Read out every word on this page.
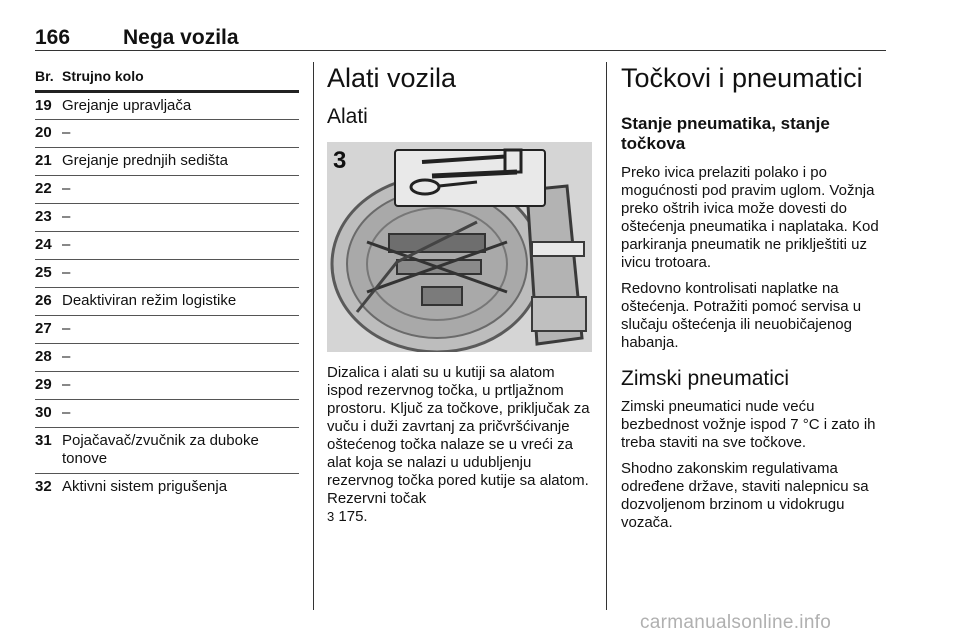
166	Nega vozila
Br. Strujno kolo
19 Grejanje upravljača
20 –
21 Grejanje prednjih sedišta
22 –
23 –
24 –
25 –
26 Deaktiviran režim logistike
27 –
28 –
29 –
30 –
31 Pojačavač/zvučnik za duboke tonove
32 Aktivni sistem prigušenja
Alati vozila
Alati
3

Dizalica i alati su u kutiji sa alatom ispod rezervnog točka, u prtljažnom prostoru. Ključ za točkove, priključak za vuču i duži zavrtanj za pričvršćivanje oštećenog točka nalaze se u vreći za alat koja se nalazi u udubljenju rezervnog točka pored kutije sa alatom. Rezervni točak
3 175.

Točkovi i pneumatici
Stanje pneumatika, stanje točkova

Preko ivica prelaziti polako i po mogućnosti pod pravim uglom. Vožnja preko oštrih ivica može dovesti do oštećenja pneumatika i naplataka. Kod parkiranja pneumatik ne priklještiti uz ivicu trotoara.

Redovno kontrolisati naplatke na oštećenja. Potražiti pomoć servisa u slučaju oštećenja ili neuobičajenog habanja.

Zimski pneumatici

Zimski pneumatici nude veću bezbednost vožnje ispod 7 °C i zato ih treba staviti na sve točkove.

Shodno zakonskim regulativama određene države, staviti nalepnicu sa dozvoljenom brzinom u vidokrugu vozača.

carmanualsonline.info
